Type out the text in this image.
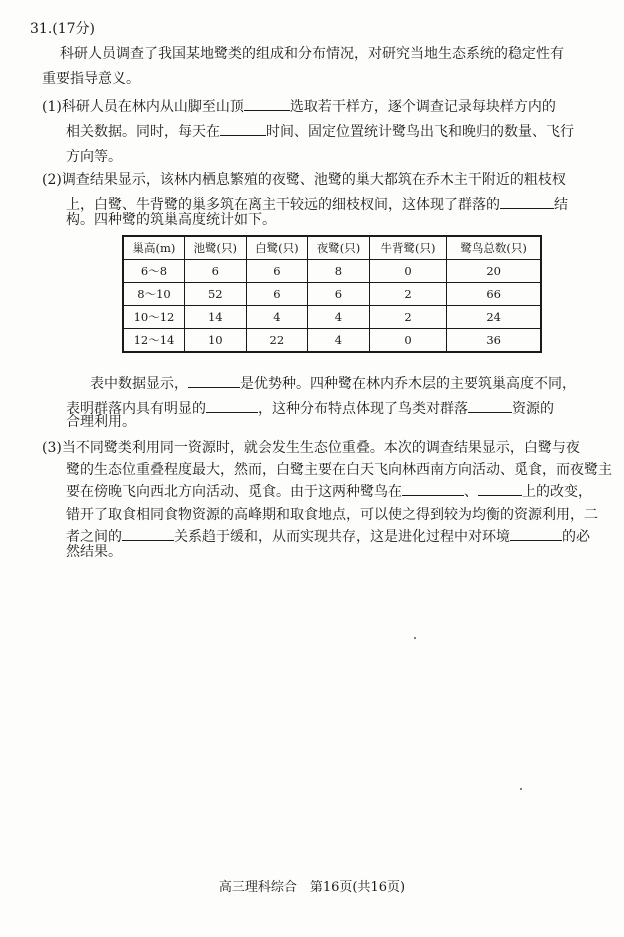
31.(17分)
科研人员调查了我国某地鹭类的组成和分布情况，对研究当地生态系统的稳定性有
重要指导意义。
(1)科研人员在林内从山脚至山顶	选取若干样方，逐个调查记录每块样方内的
相关数据。同时，每天在	时间、固定位置统计鹭鸟出飞和晚归的数量、飞行
方向等。
(2)调查结果显示，该林内栖息繁殖的夜鹭、池鹭的巢大都筑在乔木主干附近的粗枝杈
上，白鹭、牛背鹭的巢多筑在离主干较远的细枝杈间，这体现了群落的	结
构。四种鹭的筑巢高度统计如下。
巢高(m)	池鹭(只)	白鹭(只)	夜鹭(只)	牛背鹭(只)	鹭鸟总数(只)
6～8	6	6	8	0	20
8～10	52	6	6	2	66
10～12	14	4	4	2	24
12～14	10	22	4	0	36
表中数据显示，	是优势种。四种鹭在林内乔木层的主要筑巢高度不同，
表明群落内具有明显的	，这种分布特点体现了鸟类对群落	资源的
合理利用。
(3)当不同鹭类利用同一资源时，就会发生生态位重叠。本次的调查结果显示，白鹭与夜
鹭的生态位重叠程度最大，然而，白鹭主要在白天飞向林西南方向活动、觅食，而夜鹭主
要在傍晚飞向西北方向活动、觅食。由于这两种鹭鸟在	、	上的改变，
错开了取食相同食物资源的高峰期和取食地点，可以使之得到较为均衡的资源利用，二
者之间的	关系趋于缓和，从而实现共存，这是进化过程中对环境	的必
然结果。
高三理科综合　第16页(共16页)
